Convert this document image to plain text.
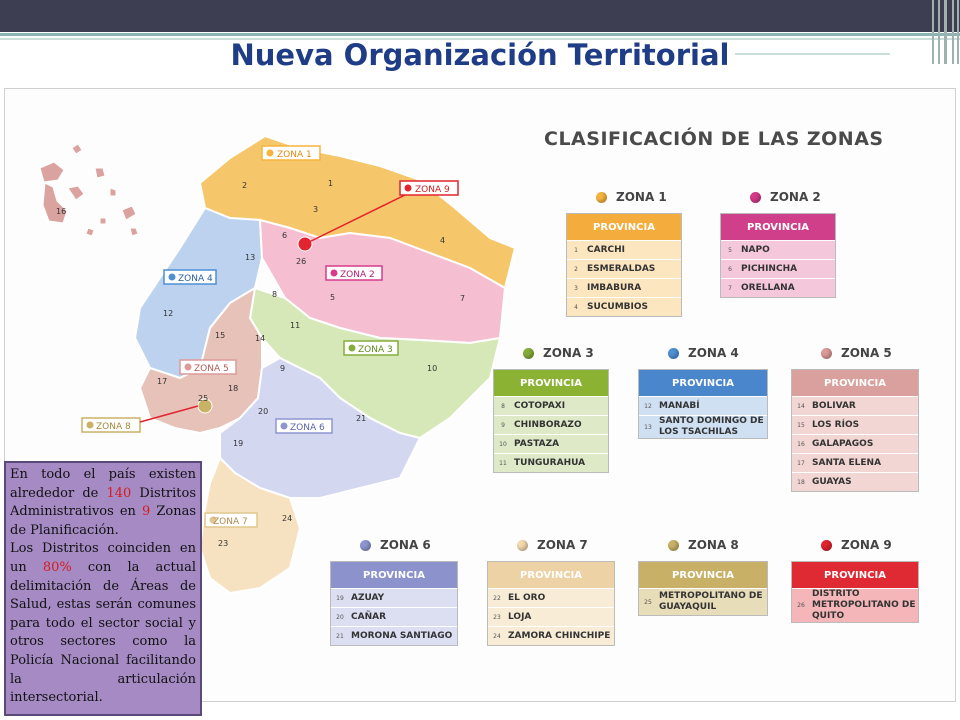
Nueva Organización Territorial
16
2	1
3
4
6
26
5	7
13
12
8
11
10
9
14
15
17
18
25
20
21
19
24
23
ZONA 1
ZONA 9
ZONA 4	ZONA 2
ZONA 3
ZONA 5
ZONA 8	ZONA 6
ZONA 7
CLASIFICACIÓN DE LAS ZONAS
ZONA 1
PROVINCIA
1	CARCHI
2	ESMERALDAS
3	IMBABURA
4	SUCUMBIOS
ZONA 2
PROVINCIA
5	NAPO
6	PICHINCHA
7	ORELLANA
ZONA 3
PROVINCIA
8	COTOPAXI
9	CHINBORAZO
10 PASTAZA
11 TUNGURAHUA
ZONA 4
PROVINCIA
12 MANABÍ
13
SANTO DOMINGO DE LOS TSACHILAS
ZONA 5
PROVINCIA
14 BOLIVAR
15 LOS RÍOS
16 GALAPAGOS
17 SANTA ELENA
18 GUAYAS
ZONA 6
PROVINCIA
19 AZUAY
20 CAÑAR
21 MORONA SANTIAGO
ZONA 7
PROVINCIA
22 EL ORO
23 LOJA
24 ZAMORA CHINCHIPE
ZONA 8
PROVINCIA
25
METROPOLITANO DE GUAYAQUIL
ZONA 9
PROVINCIA
26
DISTRITO METROPOLITANO DE QUITO

En todo el país existen alrededor de 140 Distritos Administrativos en 9 Zonas de Planificación.

Los Distritos coinciden en un 80% con la actual delimitación de Áreas de Salud, estas serán comunes para todo el sector social y otros sectores como la Policía Nacional facilitando la articulación intersectorial.
